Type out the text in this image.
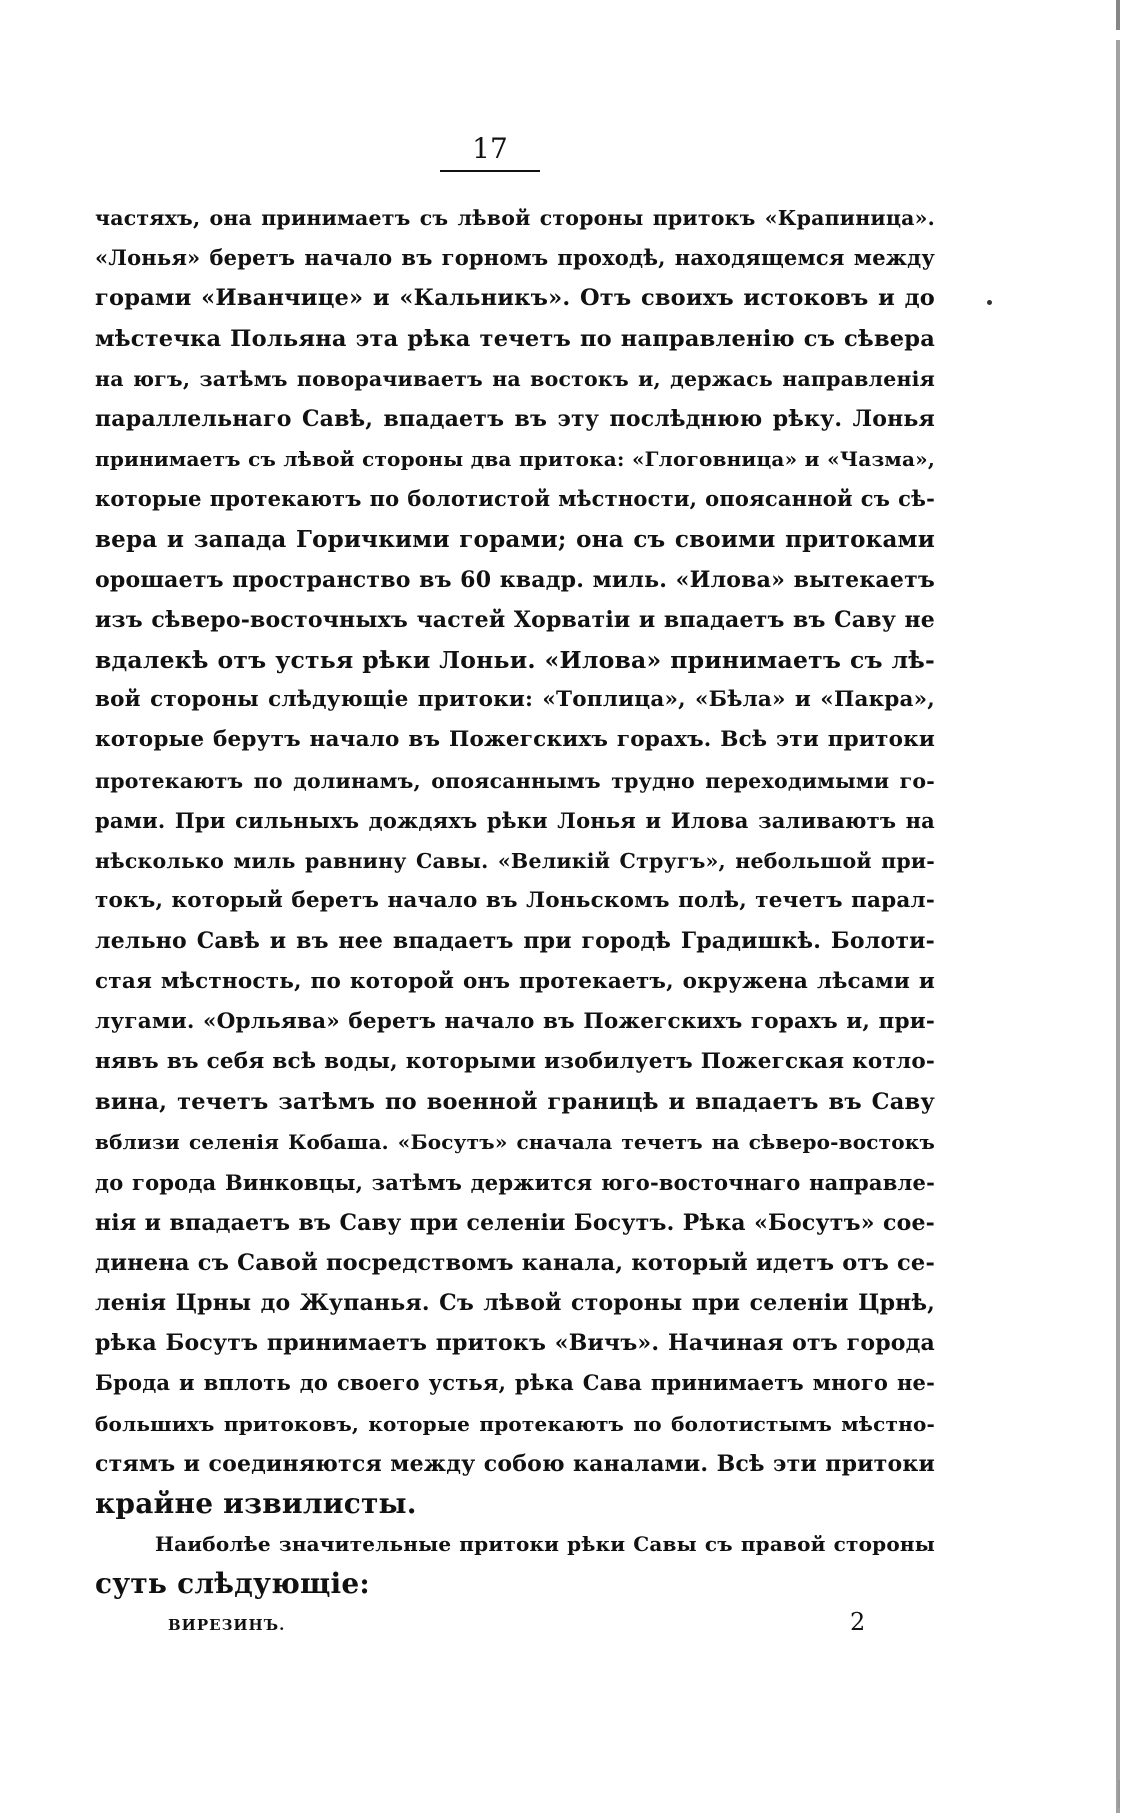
17
частяхъ, она принимаетъ съ лѣвой стороны притокъ «Крапиница».
«Лонья» беретъ начало въ горномъ проходѣ, находящемся между
горами «Иванчице» и «Кальникъ». Отъ своихъ истоковъ и до
мѣстечка Польяна эта рѣка течетъ по направленію съ сѣвера
на югъ, затѣмъ поворачиваетъ на востокъ и, держась направленія
параллельнаго Савѣ, впадаетъ въ эту послѣднюю рѣку. Лонья
принимаетъ съ лѣвой стороны два притока: «Глоговница» и «Чазма»,
которые протекаютъ по болотистой мѣстности, опоясанной съ сѣ-
вера и запада Горичкими горами; она съ своими притоками
орошаетъ пространство въ 60 квадр. миль. «Илова» вытекаетъ
изъ сѣверо-восточныхъ частей Хорватіи и впадаетъ въ Саву не
вдалекѣ отъ устья рѣки Лоньи. «Илова» принимаетъ съ лѣ-
вой стороны слѣдующіе притоки: «Топлица», «Бѣла» и «Пакра»,
которые берутъ начало въ Пожегскихъ горахъ. Всѣ эти притоки
протекаютъ по долинамъ, опоясаннымъ трудно переходимыми го-
рами. При сильныхъ дождяхъ рѣки Лонья и Илова заливаютъ на
нѣсколько миль равнину Савы. «Великій Стругъ», небольшой при-
токъ, который беретъ начало въ Лоньскомъ полѣ, течетъ парал-
лельно Савѣ и въ нее впадаетъ при городѣ Градишкѣ. Болоти-
стая мѣстность, по которой онъ протекаетъ, окружена лѣсами и
лугами. «Орльява» беретъ начало въ Пожегскихъ горахъ и, при-
нявъ въ себя всѣ воды, которыми изобилуетъ Пожегская котло-
вина, течетъ затѣмъ по военной границѣ и впадаетъ въ Саву
вблизи селенія Кобаша. «Босутъ» сначала течетъ на сѣверо-востокъ
до города Винковцы, затѣмъ держится юго-восточнаго направле-
нія и впадаетъ въ Саву при селеніи Босутъ. Рѣка «Босутъ» сое-
динена съ Савой посредствомъ канала, который идетъ отъ се-
ленія Црны до Жупанья. Съ лѣвой стороны при селеніи Црнѣ,
рѣка Босутъ принимаетъ притокъ «Вичъ». Начиная отъ города
Брода и вплоть до своего устья, рѣка Сава принимаетъ много не-
большихъ притоковъ, которые протекаютъ по болотистымъ мѣстно-
стямъ и соединяются между собою каналами. Всѣ эти притоки
крайне извилисты.
Наиболѣе значительные притоки рѣки Савы съ правой стороны
суть слѣдующіе:
ВИРЕЗИНЪ.	2
